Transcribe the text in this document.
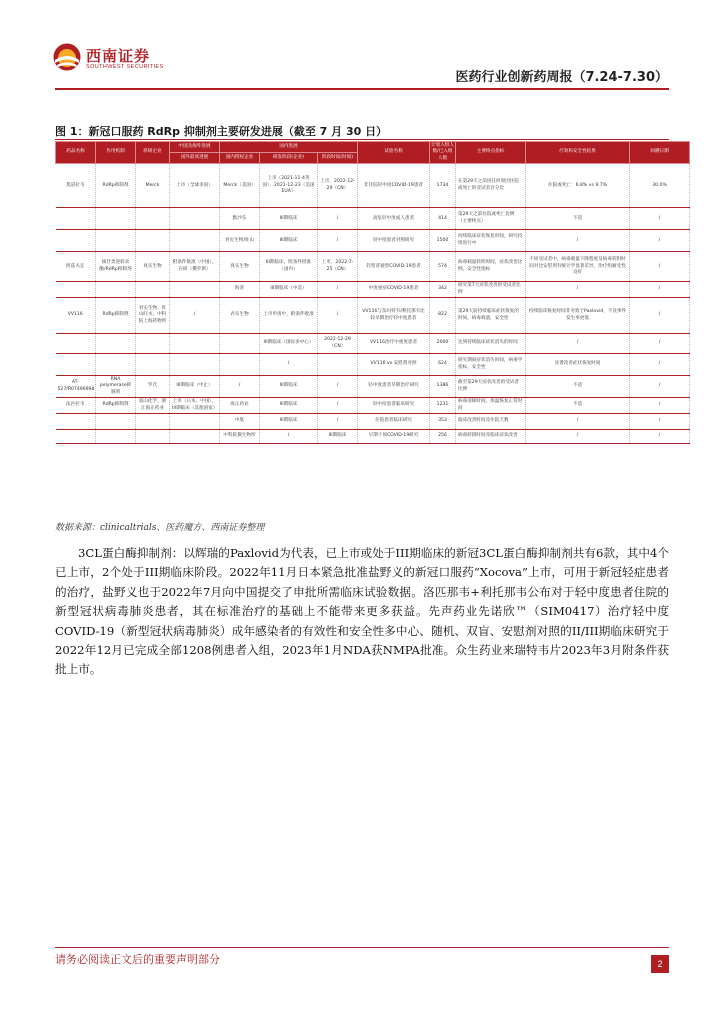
西南证券
SOUTHWEST SECURITIES
医药行业创新药周报（7.24-7.30）
图 1：新冠口服药 RdRp 抑制剂主要研发进展（截至 7 月 30 日）
药品名称	作用机制	原研企业	中国及海外进展	国内进展			试验名称	计划入组人数/已入组人数	主要终点指标	疗效和安全性结果	回溯日期
			国外最高进展	国内授权企业	研发阶段(企业)	阶段时间(时间)					
莫诺拉韦	RdRp抑制剂	Merck	上市（全球多国）	Merck（美国）	上市（2021-11-4英国），2021-12-23（美国EUA）	上市，2022-12-29（CN）	非住院轻中度COVID-19患者	1734	在第29天之前因任何原因住院或死亡的受试者百分比	住院或死亡：6.8% vs 9.7%	30.0%
				默沙东	III期临床	/	高危轻中度成人患者	414	第29天之前住院或死亡比例（主要终点）	不适	/
				君实生物/旺山	III期临床	/	轻中度患者对照研究	1500	持续临床症状恢复时间，研究持续进行中	/	/
阿兹夫定	核苷类逆转录酶/RdRp抑制剂	真实生物	附条件批准（中国），在研（俄罗斯）	真实生物	III期临床，附条件批准（国内）	上市，2022-7-25（CN）	轻型普通型COVID-19患者	574	病毒载量转阴时间，症状改善比例，安全性指标	不同受试者中，病毒载量下降程度及病毒转阴时间对比安慰剂有统计学显著差异，治疗组耐受性良好	/
				海普	III期临床（中美）	/	中度重症COVID-19患者	342	研究第7天症状改善的受试者比例	/	/
VV116	RdRp抑制剂	君实生物、旺山旺水、中科院上海药物所	/	君实生物	上市申请中，附条件批准	/	VV116与奈玛特韦/利托那韦比较早期治疗轻中度患者	822	第29天前持续临床症状恢复的时间，病毒载量，安全性	持续临床恢复时间非劣效于Paxlovid，不良事件发生率更低	/
					III期临床（国际多中心）	2022-12-29（CN）	VV116治疗中重度患者	2000	达到持续临床症状消失的时间	/	/
					/		VV116 vs 安慰剂对照	624	研究期间症状消失时间，病毒学指标，安全性	显著改善症状恢复时间	/
AT-527/R07496998	RNA polymerase抑制剂	罗氏	III期临床（中止）	/	III期临床	/	轻中度患者早期治疗研究	1386	截至第29天症状改善的受试者比例	不适	/
法匹拉韦	RdRp抑制剂	富山化学、浙江海正药业	上市（日本、中国），III期临床（其他国家）	海正药业	III期临床	/	轻中度患者临床研究	1231	病毒清除时间，体温恢复正常时间	不适	/
				中肽	III期临床	/	住院患者临床研究	353	临床改善时间及住院天数	/	/
				中科院微生物所	/	III期临床	早期干预COVID-19研究	256	病毒转阴时间及临床症状改善	/	/
数据来源：clinicaltrials、医药魔方、西南证券整理

3CL蛋白酶抑制剂：以辉瑞的Paxlovid为代表，已上市或处于III期临床的新冠3CL蛋白酶抑制剂共有6款，其中4个已上市，2个处于III期临床阶段。2022年11月日本紧急批准盐野义的新冠口服药“Xocova”上市，可用于新冠轻症患者的治疗，盐野义也于2022年7月向中国提交了申批所需临床试验数据。洛匹那韦+利托那韦公布对于轻中度患者住院的新型冠状病毒肺炎患者，其在标准治疗的基础上不能带来更多获益。先声药业先诺欣™（SIM0417）治疗轻中度COVID-19（新型冠状病毒肺炎）成年感染者的有效性和安全性多中心、随机、双盲、安慰剂对照的II/III期临床研究于2022年12月已完成全部1208例患者入组，2023年1月NDA获NMPA批准。众生药业来瑞特韦片2023年3月附条件获批上市。

请务必阅读正文后的重要声明部分	2
